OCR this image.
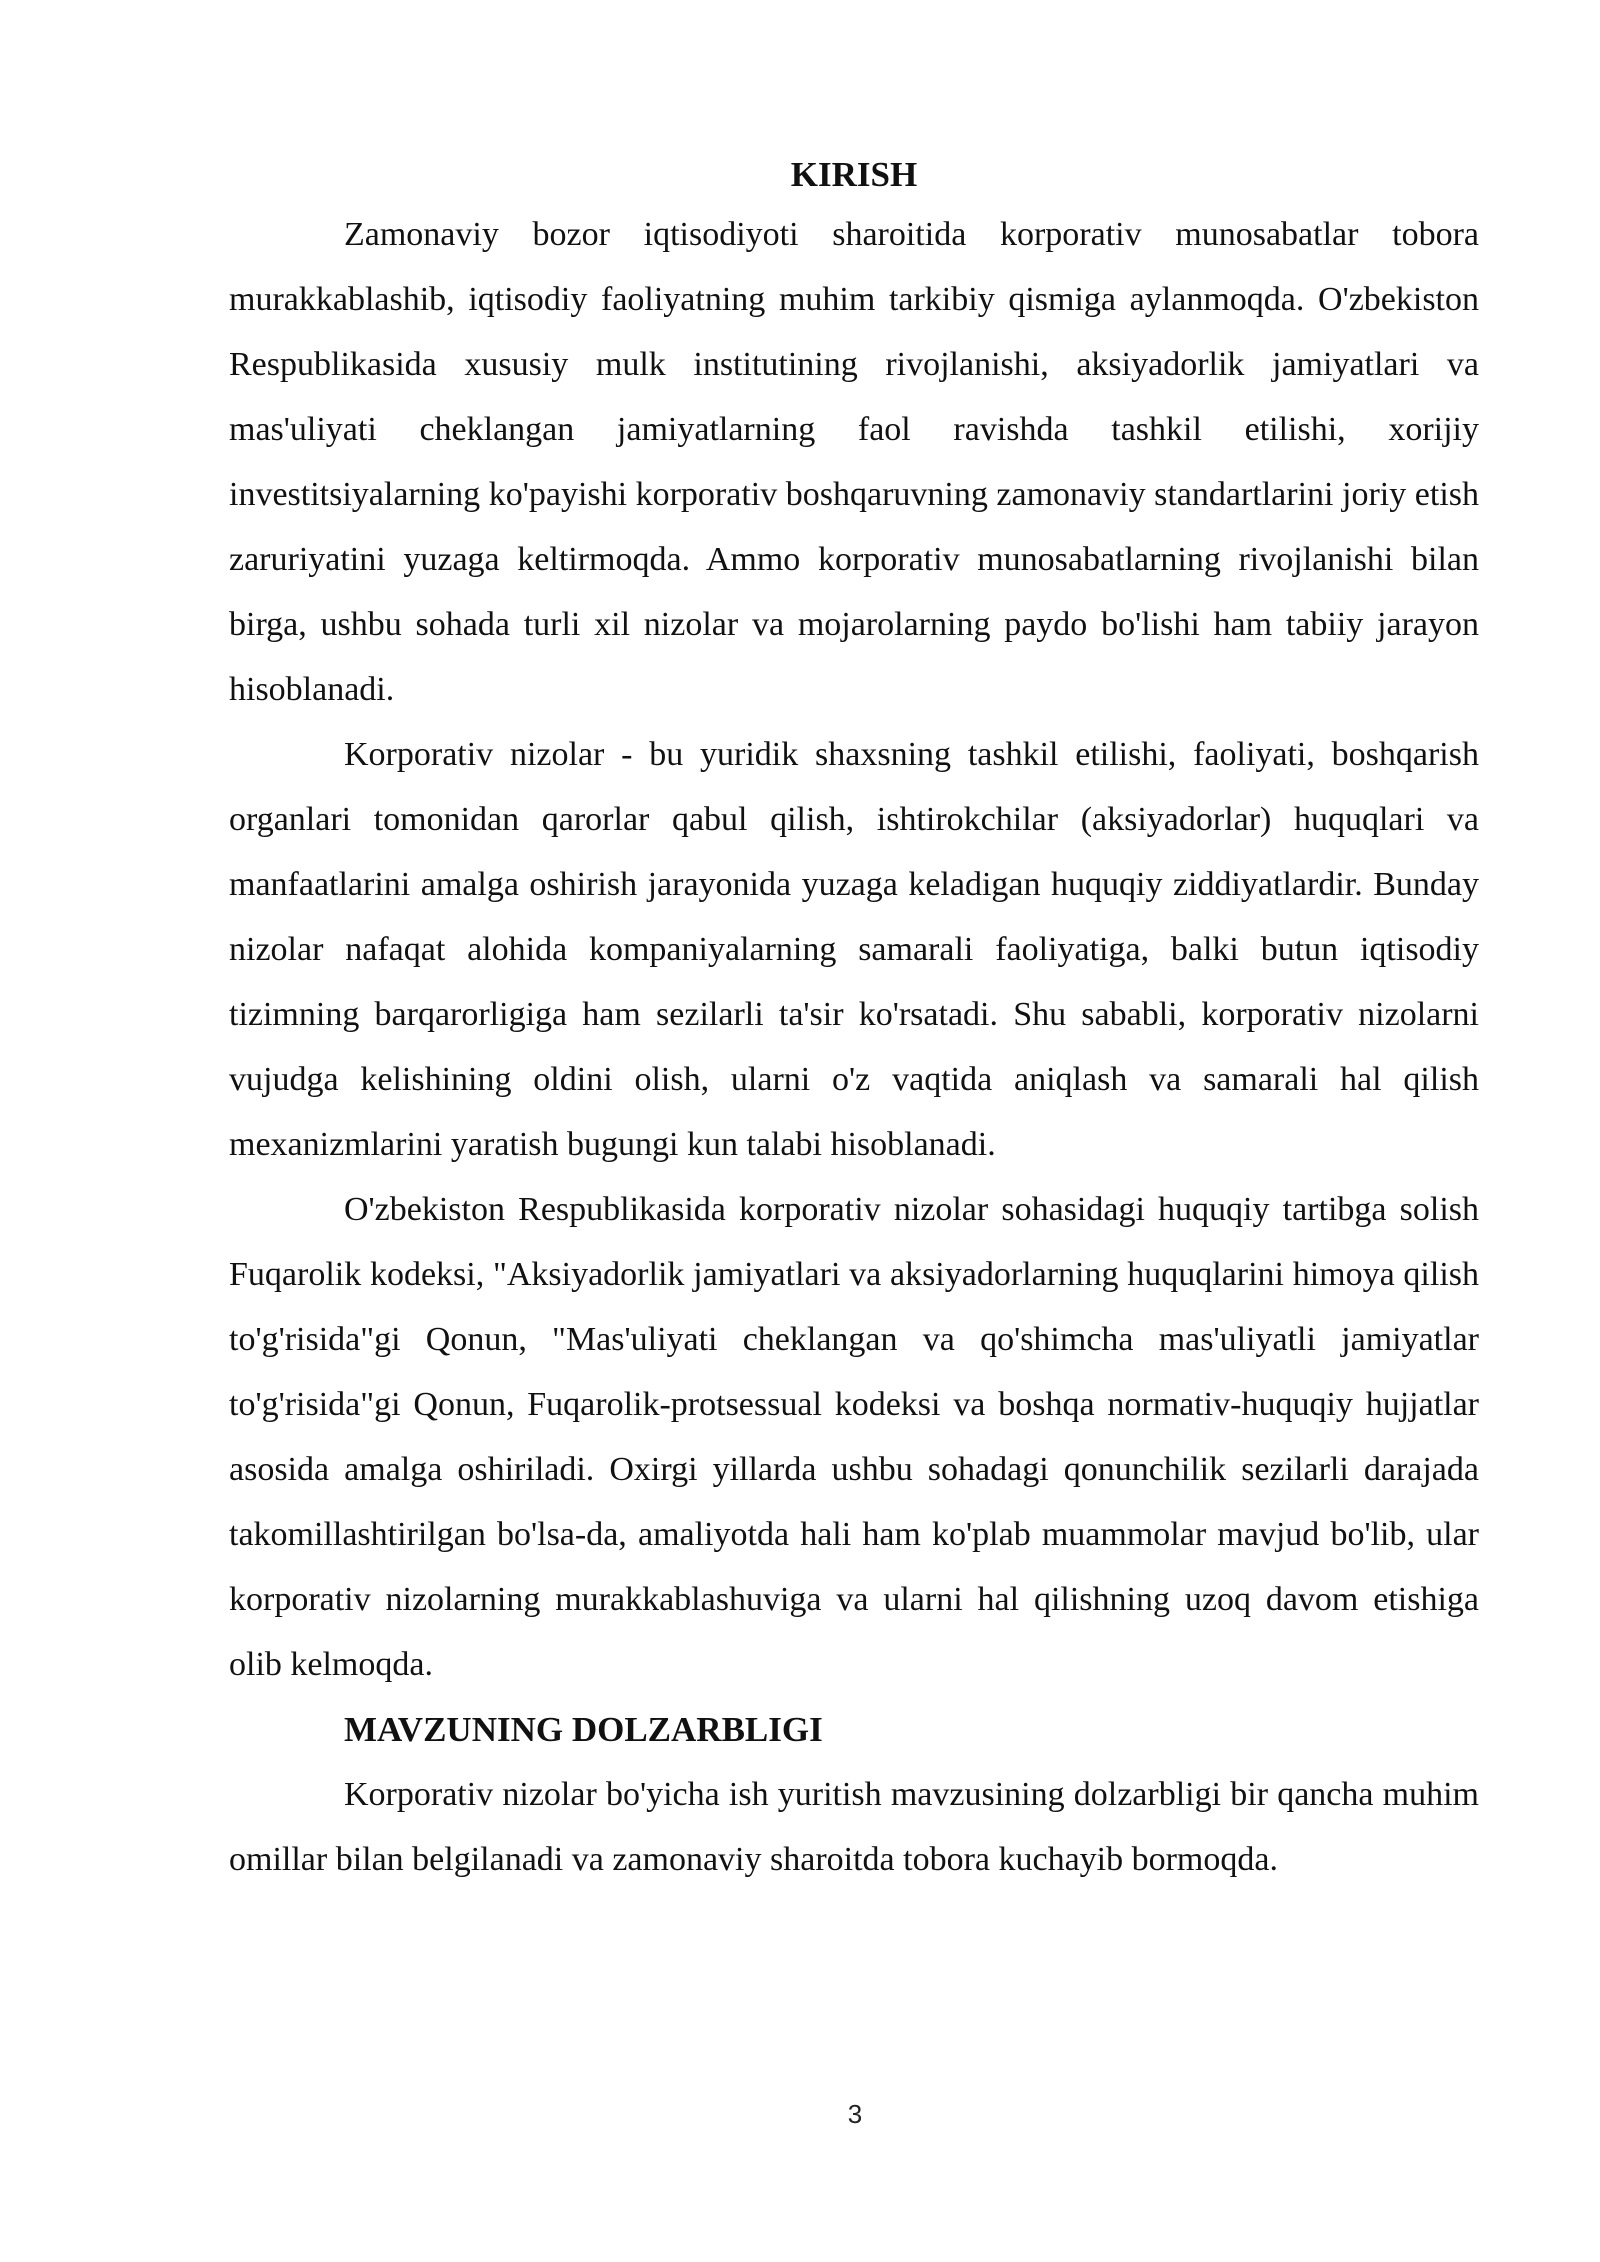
KIRISH

Zamonaviy bozor iqtisodiyoti sharoitida korporativ munosabatlar tobora murakkablashib, iqtisodiy faoliyatning muhim tarkibiy qismiga aylanmoqda. O'zbekiston Respublikasida xususiy mulk institutining rivojlanishi, aksiyadorlik jamiyatlari va mas'uliyati cheklangan jamiyatlarning faol ravishda tashkil etilishi, xorijiy investitsiyalarning ko'payishi korporativ boshqaruvning zamonaviy standartlarini joriy etish zaruriyatini yuzaga keltirmoqda. Ammo korporativ munosabatlarning rivojlanishi bilan birga, ushbu sohada turli xil nizolar va mojarolarning paydo bo'lishi ham tabiiy jarayon hisoblanadi.

Korporativ nizolar - bu yuridik shaxsning tashkil etilishi, faoliyati, boshqarish organlari tomonidan qarorlar qabul qilish, ishtirokchilar (aksiyadorlar) huquqlari va manfaatlarini amalga oshirish jarayonida yuzaga keladigan huquqiy ziddiyatlardir. Bunday nizolar nafaqat alohida kompaniyalarning samarali faoliyatiga, balki butun iqtisodiy tizimning barqarorligiga ham sezilarli ta'sir ko'rsatadi. Shu sababli, korporativ nizolarni vujudga kelishining oldini olish, ularni o'z vaqtida aniqlash va samarali hal qilish mexanizmlarini yaratish bugungi kun talabi hisoblanadi.

O'zbekiston Respublikasida korporativ nizolar sohasidagi huquqiy tartibga solish Fuqarolik kodeksi, "Aksiyadorlik jamiyatlari va aksiyadorlarning huquqlarini himoya qilish to'g'risida"gi Qonun, "Mas'uliyati cheklangan va qo'shimcha mas'uliyatli jamiyatlar to'g'risida"gi Qonun, Fuqarolik-protsessual kodeksi va boshqa normativ-huquqiy hujjatlar asosida amalga oshiriladi. Oxirgi yillarda ushbu sohadagi qonunchilik sezilarli darajada takomillashtirilgan bo'lsa-da, amaliyotda hali ham ko'plab muammolar mavjud bo'lib, ular korporativ nizolarning murakkablashuviga va ularni hal qilishning uzoq davom etishiga olib kelmoqda.

MAVZUNING DOLZARBLIGI

Korporativ nizolar bo'yicha ish yuritish mavzusining dolzarbligi bir qancha muhim omillar bilan belgilanadi va zamonaviy sharoitda tobora kuchayib bormoqda.

3
